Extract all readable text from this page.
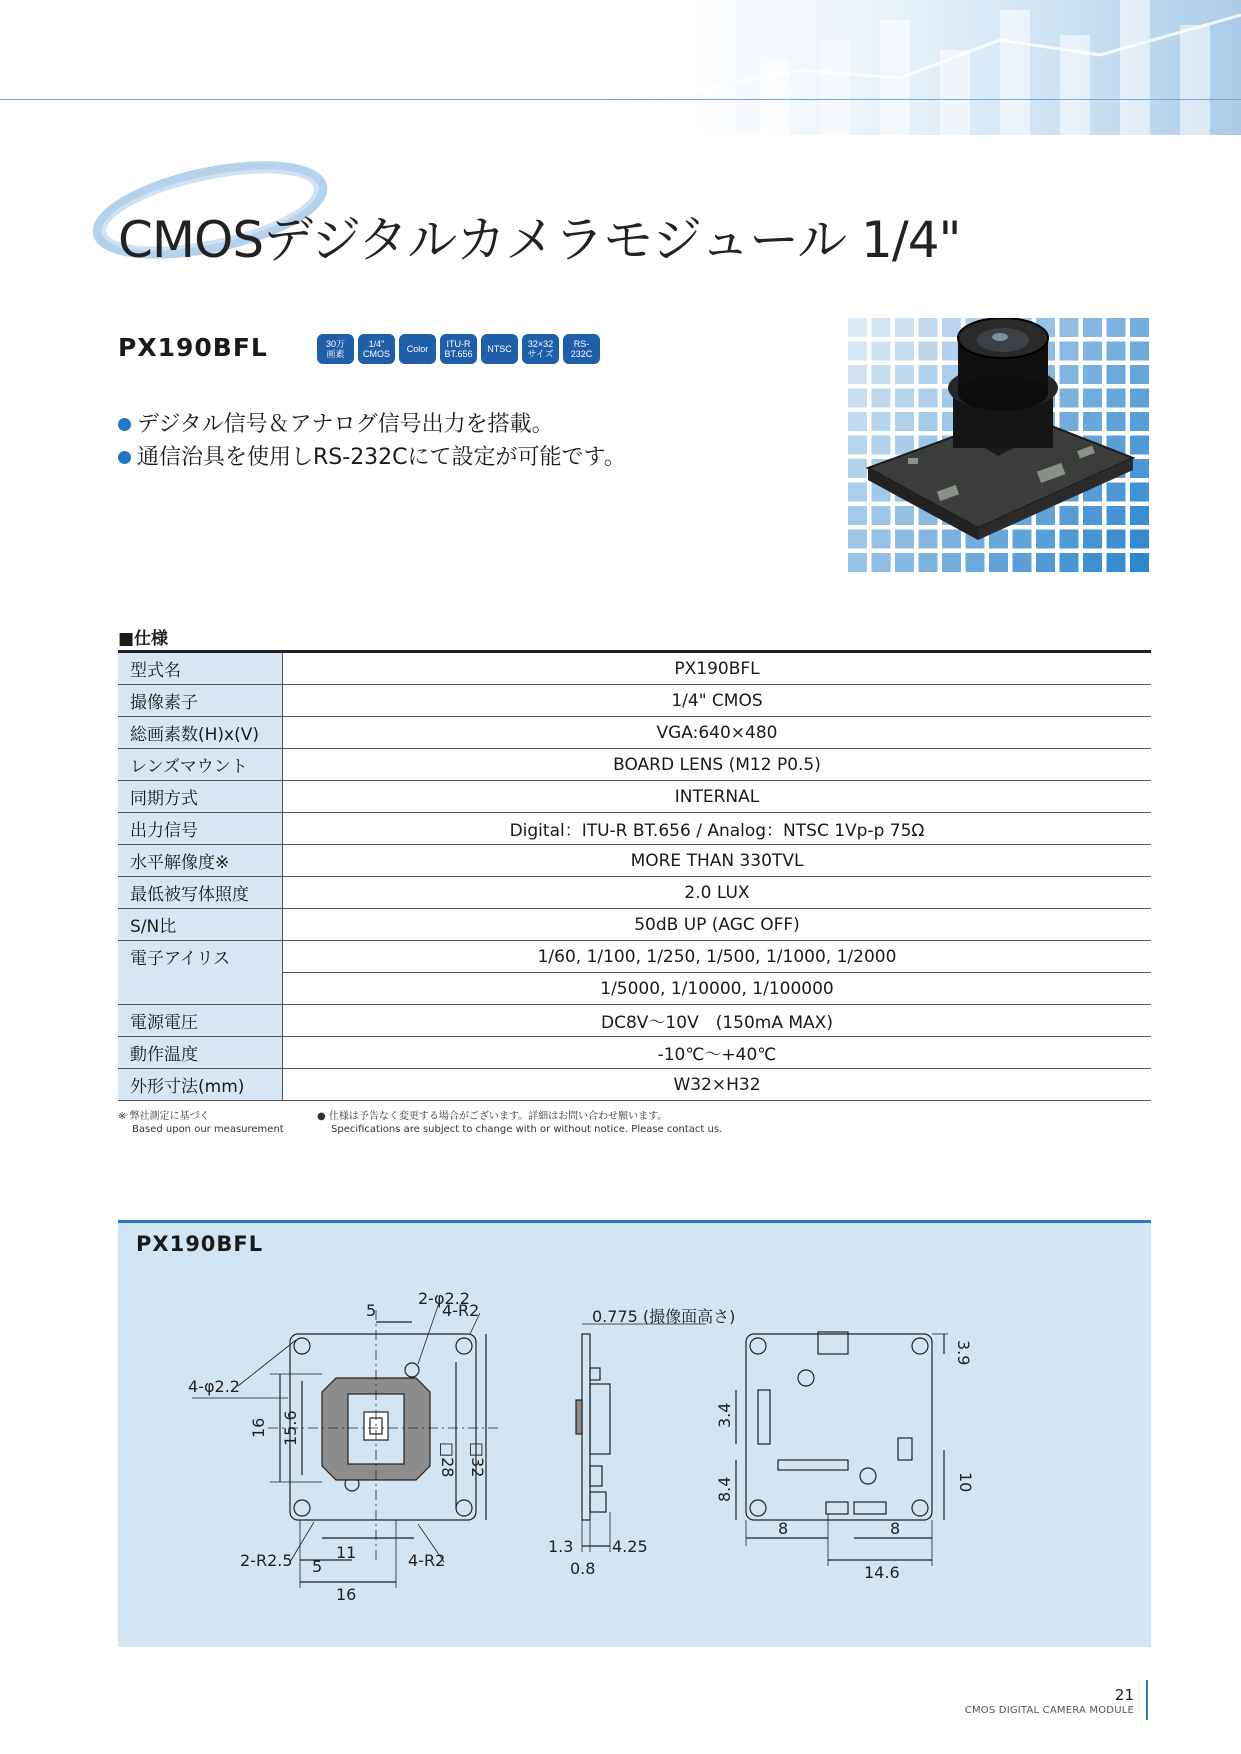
CMOSデジタルカメラモジュール 1/4"
PX190BFL	30万
画素
1/4"
CMOS	Color	ITU-R
BT.656	NTSC	32×32
サイズ
RS-
232C
デジタル信号＆アナログ信号出力を搭載。
通信治具を使用しRS-232Cにて設定が可能です。
■仕様
型式名	PX190BFL
撮像素子	1/4" CMOS
総画素数(H)x(V)	VGA:640×480
レンズマウント	BOARD LENS (M12 P0.5)
同期方式	INTERNAL
出力信号	Digital：ITU-R BT.656 / Analog：NTSC 1Vp-p 75Ω
水平解像度※	MORE THAN 330TVL
最低被写体照度	2.0 LUX
S/N比	50dB UP (AGC OFF)
電子アイリス	1/60, 1/100, 1/250, 1/500, 1/1000, 1/2000
	1/5000, 1/10000, 1/100000
電源電圧	DC8V～10V　(150mA MAX)
動作温度	-10℃～+40℃
外形寸法(mm)	W32×H32
※ 弊社測定に基づく
Based upon our measurement
● 仕様は予告なく変更する場合がございます。詳細はお問い合わせ願います。
Specifications are subject to change with or without notice. Please contact us.
PX190BFL
4-φ2.2
2-φ2.2
4-R2
5
16 15.6
□28 □32
2-R2.5	11	4-R2
5
16
0.775 (撮像面高さ)
1.3 4.25
0.8
3.9
3.4
8.4	10
8	8
14.6
21
CMOS DIGITAL CAMERA MODULE
